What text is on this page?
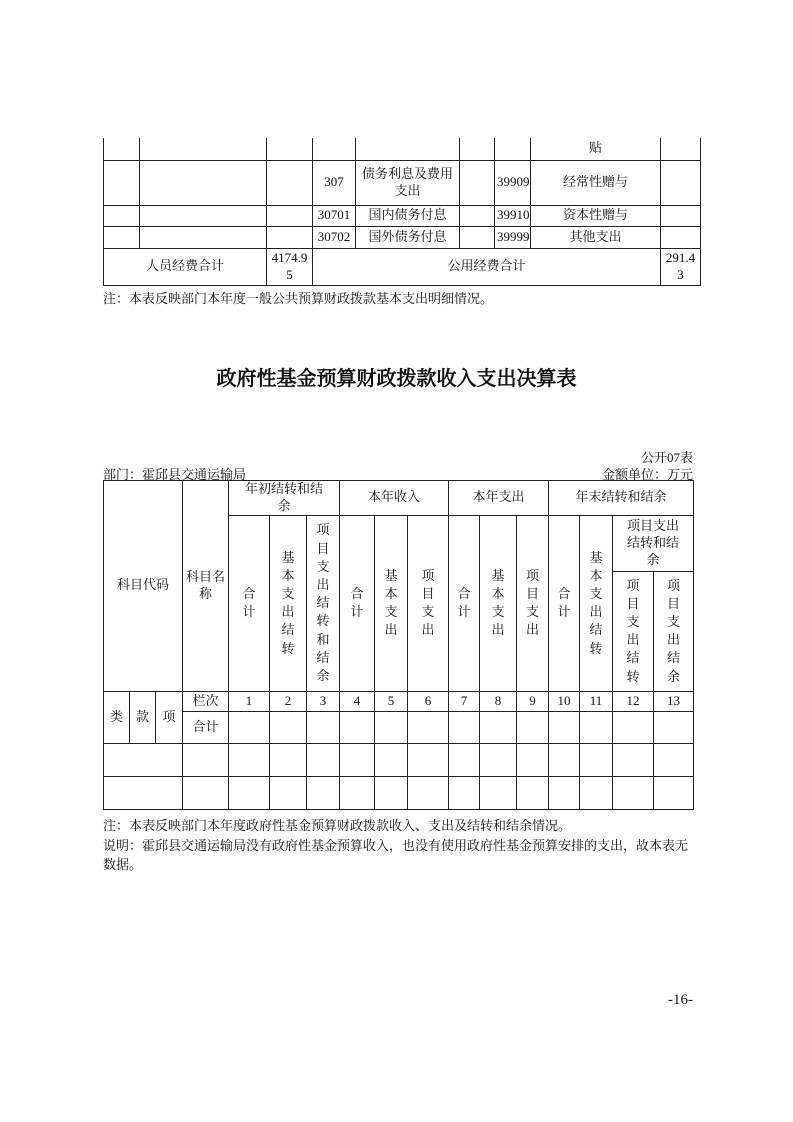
							贴	
			307	债务利息及费用支出		39909	经常性赠与	
			30701	国内债务付息		39910	资本性赠与	
			30702	国外债务付息		39999	其他支出	
人员经费合计		4174.95	公用经费合计					291.43
注：本表反映部门本年度一般公共预算财政拨款基本支出明细情况。
政府性基金预算财政拨款收入支出决算表
公开07表
部门：霍邱县交通运输局	金额单位：万元
科目代码			科目名称	年初结转和结余			本年收入			本年支出			年末结转和结余			
				合计	基本支出结转	项目支出结转和结余	合计	基本支出	项目支出	合计	基本支出	项目支出	合计	基本支出结转	项目支出结转和结余	
															项目支出结转	项目支出结余
类	款	项	栏次	1	2	3	4	5	6	7	8	9	10	11	12	13
			合计													

注：本表反映部门本年度政府性基金预算财政拨款收入、支出及结转和结余情况。
说明：霍邱县交通运输局没有政府性基金预算收入，也没有使用政府性基金预算安排的支出，故本表无数据。
-16-
